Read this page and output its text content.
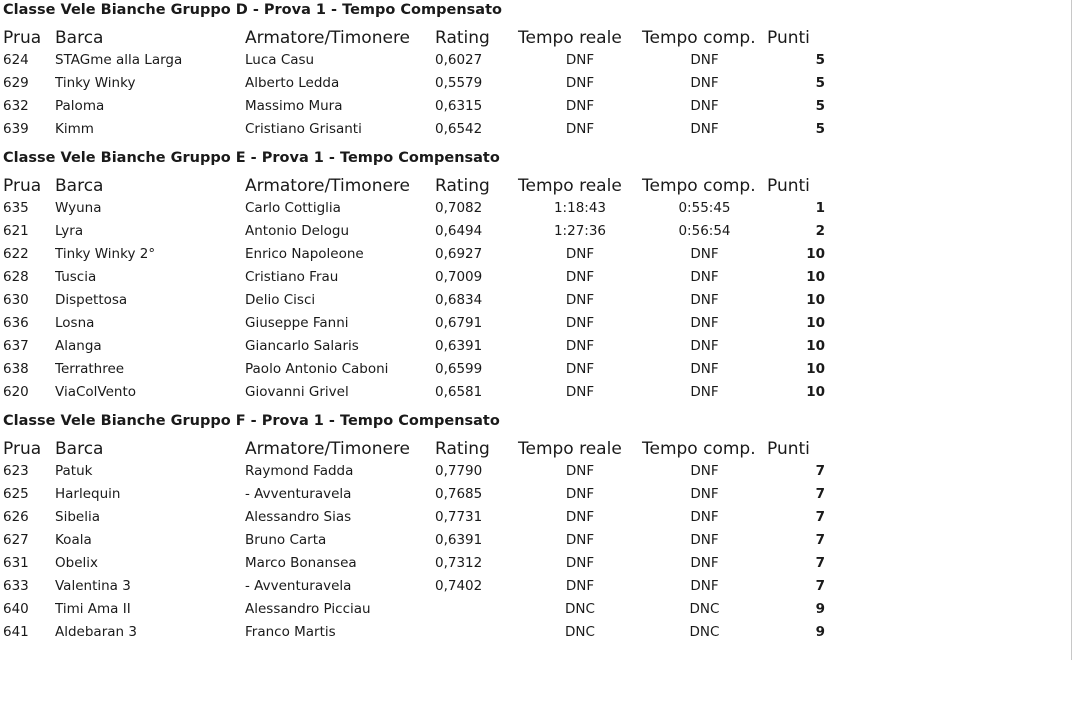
Classe Vele Bianche Gruppo D - Prova 1 - Tempo Compensato
Prua	Barca	Armatore/Timonere	Rating	Tempo reale	Tempo comp.	Punti
624	STAGme alla Larga	Luca Casu	0,6027	DNF	DNF	5
629	Tinky Winky	Alberto Ledda	0,5579	DNF	DNF	5
632	Paloma	Massimo Mura	0,6315	DNF	DNF	5
639	Kimm	Cristiano Grisanti	0,6542	DNF	DNF	5
Classe Vele Bianche Gruppo E - Prova 1 - Tempo Compensato
Prua	Barca	Armatore/Timonere	Rating	Tempo reale	Tempo comp.	Punti
635	Wyuna	Carlo Cottiglia	0,7082	1:18:43	0:55:45	1
621	Lyra	Antonio Delogu	0,6494	1:27:36	0:56:54	2
622	Tinky Winky 2°	Enrico Napoleone	0,6927	DNF	DNF	10
628	Tuscia	Cristiano Frau	0,7009	DNF	DNF	10
630	Dispettosa	Delio Cisci	0,6834	DNF	DNF	10
636	Losna	Giuseppe Fanni	0,6791	DNF	DNF	10
637	Alanga	Giancarlo Salaris	0,6391	DNF	DNF	10
638	Terrathree	Paolo Antonio Caboni	0,6599	DNF	DNF	10
620	ViaColVento	Giovanni Grivel	0,6581	DNF	DNF	10
Classe Vele Bianche Gruppo F - Prova 1 - Tempo Compensato
Prua	Barca	Armatore/Timonere	Rating	Tempo reale	Tempo comp.	Punti
623	Patuk	Raymond Fadda	0,7790	DNF	DNF	7
625	Harlequin	- Avventuravela	0,7685	DNF	DNF	7
626	Sibelia	Alessandro Sias	0,7731	DNF	DNF	7
627	Koala	Bruno Carta	0,6391	DNF	DNF	7
631	Obelix	Marco Bonansea	0,7312	DNF	DNF	7
633	Valentina 3	- Avventuravela	0,7402	DNF	DNF	7
640	Timi Ama II	Alessandro Picciau		DNC	DNC	9
641	Aldebaran 3	Franco Martis		DNC	DNC	9
